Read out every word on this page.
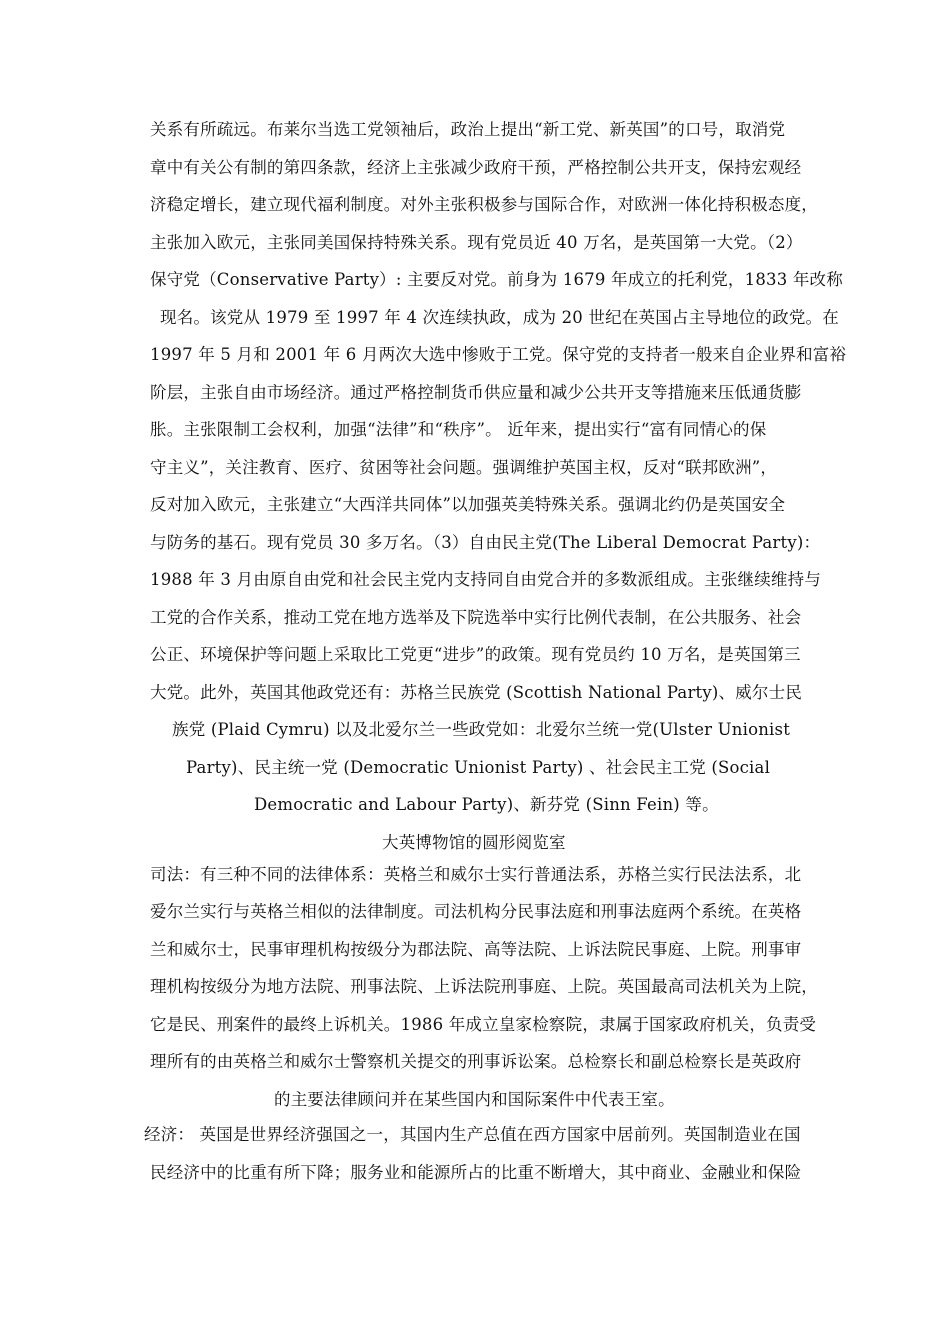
关系有所疏远。布莱尔当选工党领袖后，政治上提出“新工党、新英国”的口号，取消党
章中有关公有制的第四条款，经济上主张减少政府干预，严格控制公共开支，保持宏观经
济稳定增长，建立现代福利制度。对外主张积极参与国际合作，对欧洲一体化持积极态度，
主张加入欧元，主张同美国保持特殊关系。现有党员近 40 万名，是英国第一大党。（2）
保守党（Conservative Party）: 主要反对党。前身为 1679 年成立的托利党，1833 年改称
现名。该党从 1979 至 1997 年 4 次连续执政，成为 20 世纪在英国占主导地位的政党。在
1997 年 5 月和 2001 年 6 月两次大选中惨败于工党。保守党的支持者一般来自企业界和富裕
阶层，主张自由市场经济。通过严格控制货币供应量和减少公共开支等措施来压低通货膨
胀。主张限制工会权利，加强“法律”和“秩序”。 近年来，提出实行“富有同情心的保
守主义”，关注教育、医疗、贫困等社会问题。强调维护英国主权，反对“联邦欧洲”，
反对加入欧元，主张建立“大西洋共同体”以加强英美特殊关系。强调北约仍是英国安全
与防务的基石。现有党员 30 多万名。（3）自由民主党(The Liberal Democrat Party)：
1988 年 3 月由原自由党和社会民主党内支持同自由党合并的多数派组成。主张继续维持与
工党的合作关系，推动工党在地方选举及下院选举中实行比例代表制，在公共服务、社会
公正、环境保护等问题上采取比工党更“进步”的政策。现有党员约 10 万名，是英国第三
大党。此外，英国其他政党还有：苏格兰民族党 (Scottish National Party)、威尔士民
族党 (Plaid Cymru) 以及北爱尔兰一些政党如：北爱尔兰统一党(Ulster Unionist
Party)、民主统一党 (Democratic Unionist Party) 、社会民主工党 (Social
Democratic and Labour Party)、新芬党 (Sinn Fein) 等。
大英博物馆的圆形阅览室
司法：有三种不同的法律体系：英格兰和威尔士实行普通法系，苏格兰实行民法法系，北
爱尔兰实行与英格兰相似的法律制度。司法机构分民事法庭和刑事法庭两个系统。在英格
兰和威尔士，民事审理机构按级分为郡法院、高等法院、上诉法院民事庭、上院。刑事审
理机构按级分为地方法院、刑事法院、上诉法院刑事庭、上院。英国最高司法机关为上院，
它是民、刑案件的最终上诉机关。1986 年成立皇家检察院，隶属于国家政府机关，负责受
理所有的由英格兰和威尔士警察机关提交的刑事诉讼案。总检察长和副总检察长是英政府
的主要法律顾问并在某些国内和国际案件中代表王室。
经济： 英国是世界经济强国之一，其国内生产总值在西方国家中居前列。英国制造业在国
民经济中的比重有所下降；服务业和能源所占的比重不断增大，其中商业、金融业和保险
